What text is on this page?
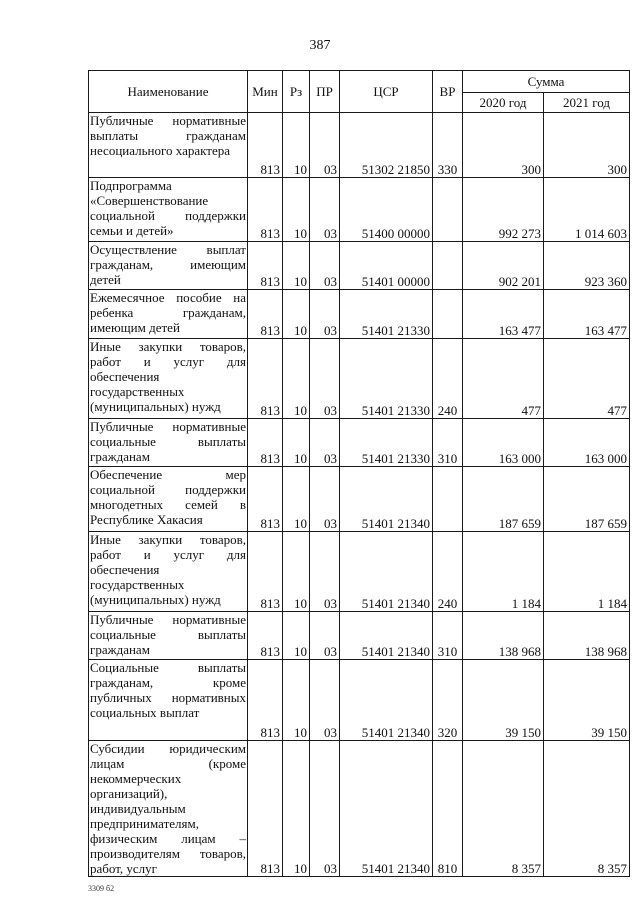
387
Наименование	Мин	Рз	ПР	ЦСР	ВР	Сумма	
						2020 год	2021 год
Публичные нормативные выплаты гражданам несоциального характера	813	10	03	51302 21850	330	300	300
Подпрограмма «Совершенствование социальной поддержки семьи и детей»	813	10	03	51400 00000		992 273	1 014 603
Осуществление выплат гражданам, имеющим детей	813	10	03	51401 00000		902 201	923 360
Ежемесячное пособие на ребенка гражданам, имеющим детей	813	10	03	51401 21330		163 477	163 477
Иные закупки товаров, работ и услуг для обеспечения государственных (муниципальных) нужд	813	10	03	51401 21330	240	477	477
Публичные нормативные социальные выплаты гражданам	813	10	03	51401 21330	310	163 000	163 000
Обеспечение мер социальной поддержки многодетных семей в Республике Хакасия	813	10	03	51401 21340		187 659	187 659
Иные закупки товаров, работ и услуг для обеспечения государственных (муниципальных) нужд	813	10	03	51401 21340	240	1 184	1 184
Публичные нормативные социальные выплаты гражданам	813	10	03	51401 21340	310	138 968	138 968
Социальные выплаты гражданам, кроме публичных нормативных социальных выплат	813	10	03	51401 21340	320	39 150	39 150
Субсидии юридическим лицам (кроме некоммерческих организаций), индивидуальным предпринимателям, физическим лицам – производителям товаров, работ, услуг	813	10	03	51401 21340	810	8 357	8 357
3309 б2
